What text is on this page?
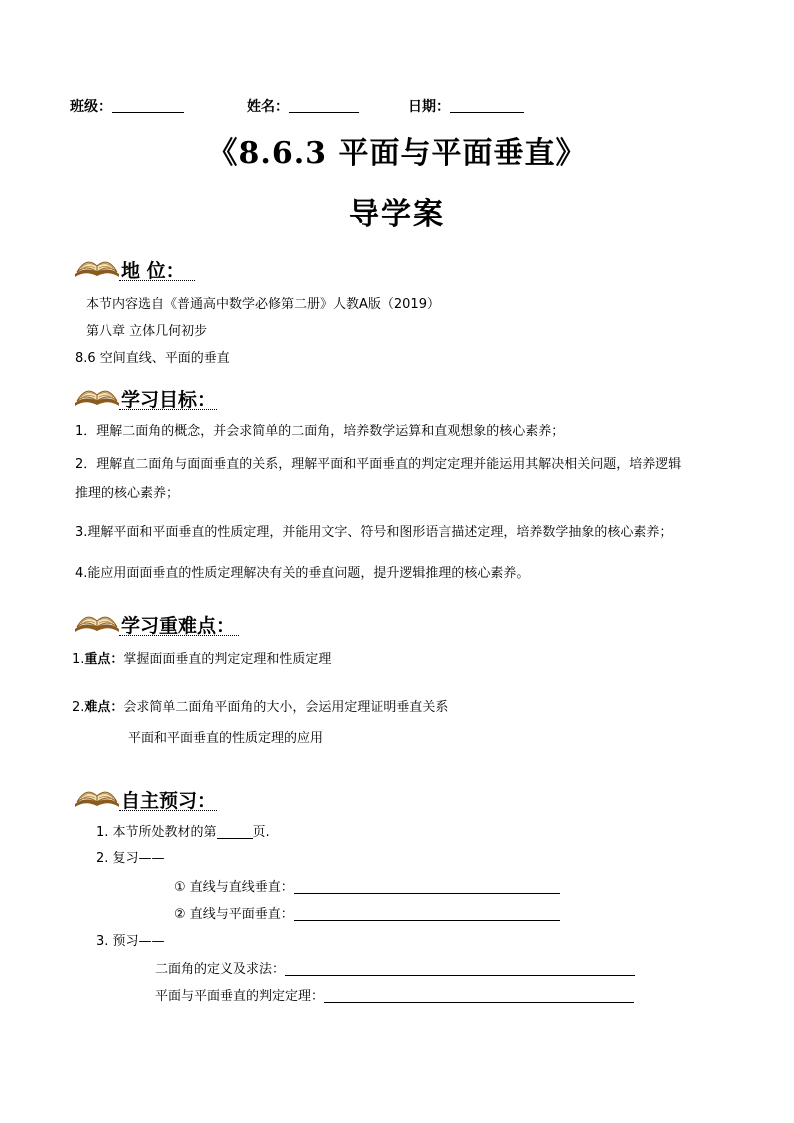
班级：	姓名：	日期：
《8.6.3 平面与平面垂直》
导学案
地 位：
本节内容选自《普通高中数学必修第二册》人教A版（2019）
第八章 立体几何初步
8.6 空间直线、平面的垂直
学习目标：
1．理解二面角的概念，并会求简单的二面角，培养数学运算和直观想象的核心素养；
2．理解直二面角与面面垂直的关系，理解平面和平面垂直的判定定理并能运用其解决相关问题，培养逻辑
推理的核心素养；
3.理解平面和平面垂直的性质定理，并能用文字、符号和图形语言描述定理，培养数学抽象的核心素养；
4.能应用面面垂直的性质定理解决有关的垂直问题，提升逻辑推理的核心素养。
学习重难点：
1.重点：掌握面面垂直的判定定理和性质定理
2.难点：会求简单二面角平面角的大小，会运用定理证明垂直关系
平面和平面垂直的性质定理的应用
自主预习：
1. 本节所处教材的第	页.
2. 复习——
① 直线与直线垂直：
② 直线与平面垂直：
3. 预习——
二面角的定义及求法：
平面与平面垂直的判定定理：
